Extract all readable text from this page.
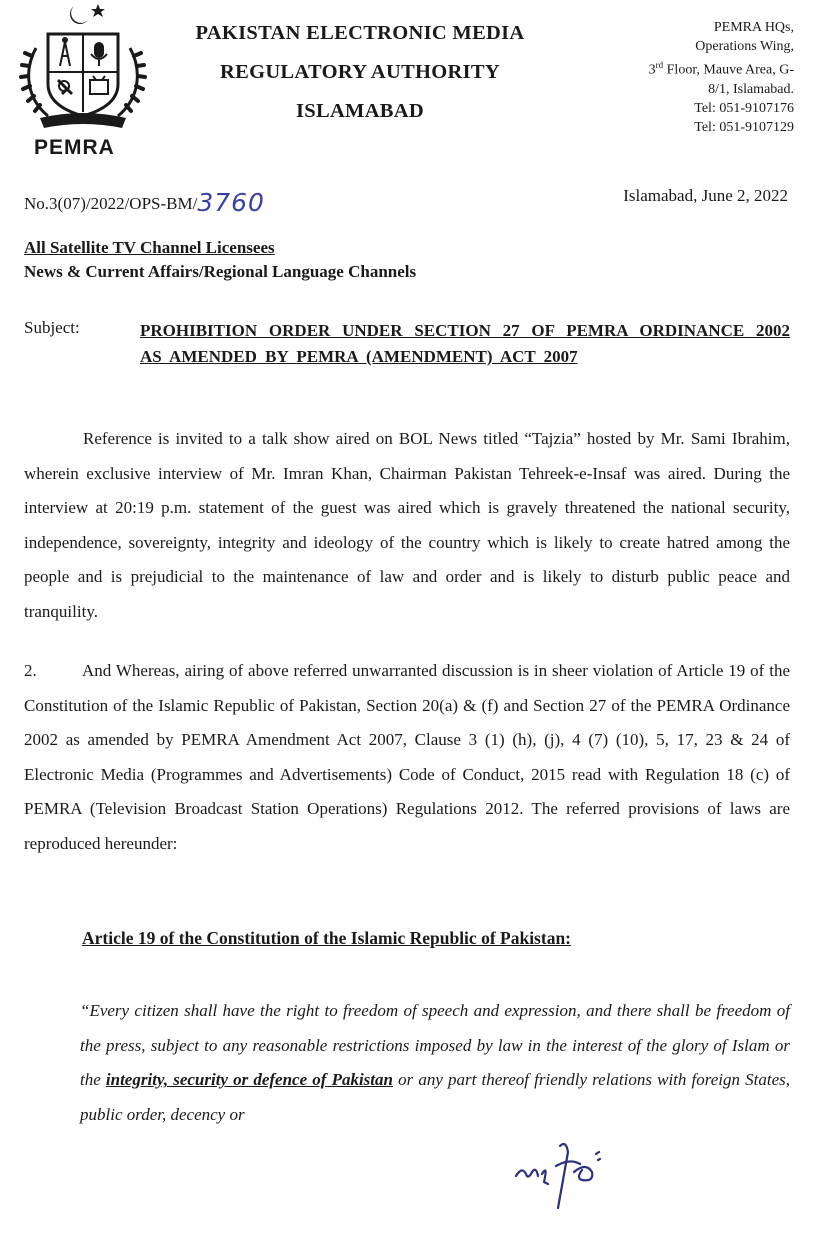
PEMRA
PAKISTAN ELECTRONIC MEDIA
REGULATORY AUTHORITY
ISLAMABAD
PEMRA HQs,
Operations Wing,
3rd Floor, Mauve Area, G-
8/1, Islamabad.
Tel: 051-9107176
Tel: 051-9107129
No.3(07)/2022/OPS-BM/3760	Islamabad, June 2, 2022
All Satellite TV Channel Licensees
News & Current Affairs/Regional Language Channels
Subject:	PROHIBITION ORDER UNDER SECTION 27 OF PEMRA ORDINANCE 2002 AS AMENDED BY PEMRA (AMENDMENT) ACT 2007
Reference is invited to a talk show aired on BOL News titled “Tajzia” hosted by Mr. Sami Ibrahim, wherein exclusive interview of Mr. Imran Khan, Chairman Pakistan Tehreek-e-Insaf was aired. During the interview at 20:19 p.m. statement of the guest was aired which is gravely threatened the national security, independence, sovereignty, integrity and ideology of the country which is likely to create hatred among the people and is prejudicial to the maintenance of law and order and is likely to disturb public peace and tranquility.
2.	And Whereas, airing of above referred unwarranted discussion is in sheer violation of Article 19 of the Constitution of the Islamic Republic of Pakistan, Section 20(a) & (f) and Section 27 of the PEMRA Ordinance 2002 as amended by PEMRA Amendment Act 2007, Clause 3 (1) (h), (j), 4 (7) (10), 5, 17, 23 & 24 of Electronic Media (Programmes and Advertisements) Code of Conduct, 2015 read with Regulation 18 (c) of PEMRA (Television Broadcast Station Operations) Regulations 2012. The referred provisions of laws are reproduced hereunder:
Article 19 of the Constitution of the Islamic Republic of Pakistan:
“Every citizen shall have the right to freedom of speech and expression, and there shall be freedom of the press, subject to any reasonable restrictions imposed by law in the interest of the glory of Islam or the integrity, security or defence of Pakistan or any part thereof friendly relations with foreign States, public order, decency or
